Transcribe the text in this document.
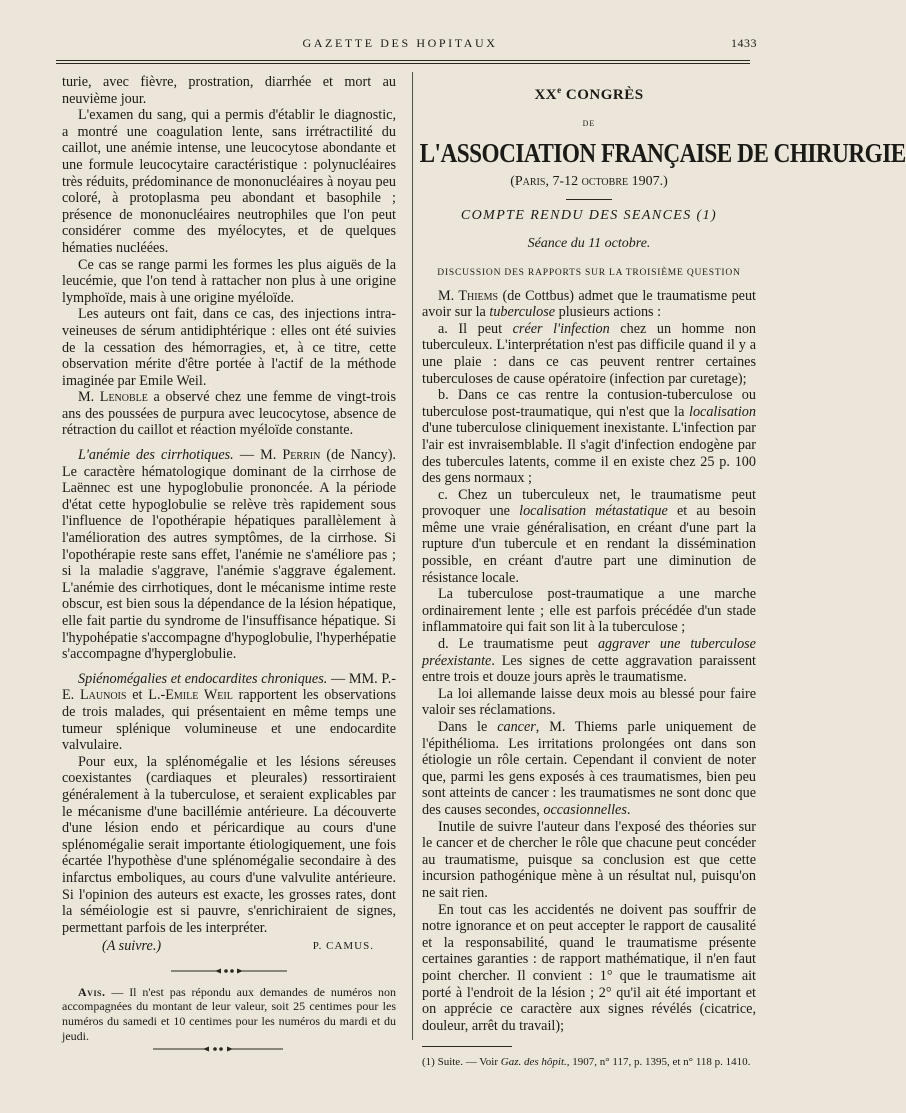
GAZETTE DES HOPITAUX	1433

turie, avec fièvre, prostration, diarrhée et mort au neuvième jour.

L'examen du sang, qui a permis d'établir le diagnostic, a montré une coagulation lente, sans irrétractilité du caillot, une anémie intense, une leucocytose abondante et une formule leucocytaire caractéristique : polynucléaires très réduits, prédominance de mononucléaires à noyau peu coloré, à protoplasma peu abondant et basophile ; présence de mononucléaires neutrophiles que l'on peut considérer comme des myélocytes, et de quelques hématies nucléées.

Ce cas se range parmi les formes les plus aiguës de la leucémie, que l'on tend à rattacher non plus à une origine lymphoïde, mais à une origine myéloïde.

Les auteurs ont fait, dans ce cas, des injections intra-veineuses de sérum antidiphtérique : elles ont été suivies de la cessation des hémorragies, et, à ce titre, cette observation mérite d'être portée à l'actif de la méthode imaginée par Emile Weil.

M. Lenoble a observé chez une femme de vingt-trois ans des poussées de purpura avec leucocytose, absence de rétraction du caillot et réaction myéloïde constante.

L'anémie des cirrhotiques. — M. Perrin (de Nancy). Le caractère hématologique dominant de la cirrhose de Laënnec est une hypoglobulie prononcée. A la période d'état cette hypoglobulie se relève très rapidement sous l'influence de l'opothérapie hépatiques parallèlement à l'amélioration des autres symptômes, de la cirrhose. Si l'opothérapie reste sans effet, l'anémie ne s'améliore pas ; si la maladie s'aggrave, l'anémie s'aggrave également. L'anémie des cirrhotiques, dont le mécanisme intime reste obscur, est bien sous la dépendance de la lésion hépatique, elle fait partie du syndrome de l'insuffisance hépatique. Si l'hypohépatie s'accompagne d'hypoglobulie, l'hyperhépatie s'accompagne d'hyperglobulie.

Spiénomégalies et endocardites chroniques. — MM. P.-E. Launois et L.-Emile Weil rapportent les observations de trois malades, qui présentaient en même temps une tumeur splénique volumineuse et une endocardite valvulaire.

Pour eux, la splénomégalie et les lésions séreuses coexistantes (cardiaques et pleurales) ressortiraient généralement à la tuberculose, et seraient explicables par le mécanisme d'une bacillémie antérieure. La découverte d'une lésion endo et péricardique au cours d'une splénomégalie serait importante étiologiquement, une fois écartée l'hypothèse d'une splénomégalie secondaire à des infarctus emboliques, au cours d'une valvulite antérieure. Si l'opinion des auteurs est exacte, les grosses rates, dont la séméiologie est si pauvre, s'enrichiraient de signes, permettant parfois de les interpréter.

(A suivre.)	P. CAMUS.

Avis. — Il n'est pas répondu aux demandes de numéros non accompagnées du montant de leur valeur, soit 25 centimes pour les numéros du samedi et 10 centimes pour les numéros du mardi et du jeudi.

XXe CONGRÈS
DE
L'ASSOCIATION FRANÇAISE DE CHIRURGIE
(Paris, 7-12 octobre 1907.)
COMPTE RENDU DES SEANCES (1)
Séance du 11 octobre.
DISCUSSION DES RAPPORTS SUR LA TROISIÈME QUESTION

M. Thiems (de Cottbus) admet que le traumatisme peut avoir sur la tuberculose plusieurs actions :

a. Il peut créer l'infection chez un homme non tuberculeux. L'interprétation n'est pas difficile quand il y a une plaie : dans ce cas peuvent rentrer certaines tuberculoses de cause opératoire (infection par curetage);

b. Dans ce cas rentre la contusion-tuberculose ou tuberculose post-traumatique, qui n'est que la localisation d'une tuberculose cliniquement inexistante. L'infection par l'air est invraisemblable. Il s'agit d'infection endogène par des tubercules latents, comme il en existe chez 25 p. 100 des gens normaux ;

c. Chez un tuberculeux net, le traumatisme peut provoquer une localisation métastatique et au besoin même une vraie généralisation, en créant d'une part la rupture d'un tubercule et en rendant la dissémination possible, en créant d'autre part une diminution de résistance locale.

La tuberculose post-traumatique a une marche ordinairement lente ; elle est parfois précédée d'un stade inflammatoire qui fait son lit à la tuberculose ;

d. Le traumatisme peut aggraver une tuberculose préexistante. Les signes de cette aggravation paraissent entre trois et douze jours après le traumatisme.

La loi allemande laisse deux mois au blessé pour faire valoir ses réclamations.

Dans le cancer, M. Thiems parle uniquement de l'épithélioma. Les irritations prolongées ont dans son étiologie un rôle certain. Cependant il convient de noter que, parmi les gens exposés à ces traumatismes, bien peu sont atteints de cancer : les traumatismes ne sont donc que des causes secondes, occasionnelles.

Inutile de suivre l'auteur dans l'exposé des théories sur le cancer et de chercher le rôle que chacune peut concéder au traumatisme, puisque sa conclusion est que cette incursion pathogénique mène à un résultat nul, puisqu'on ne sait rien.

En tout cas les accidentés ne doivent pas souffrir de notre ignorance et on peut accepter le rapport de causalité et la responsabilité, quand le traumatisme présente certaines garanties : de rapport mathématique, il n'en faut point chercher. Il convient : 1° que le traumatisme ait porté à l'endroit de la lésion ; 2° qu'il ait été important et on apprécie ce caractère aux signes révélés (cicatrice, douleur, arrêt du travail);

(1) Suite. — Voir Gaz. des hôpit., 1907, n° 117, p. 1395, et n° 118 p. 1410.
